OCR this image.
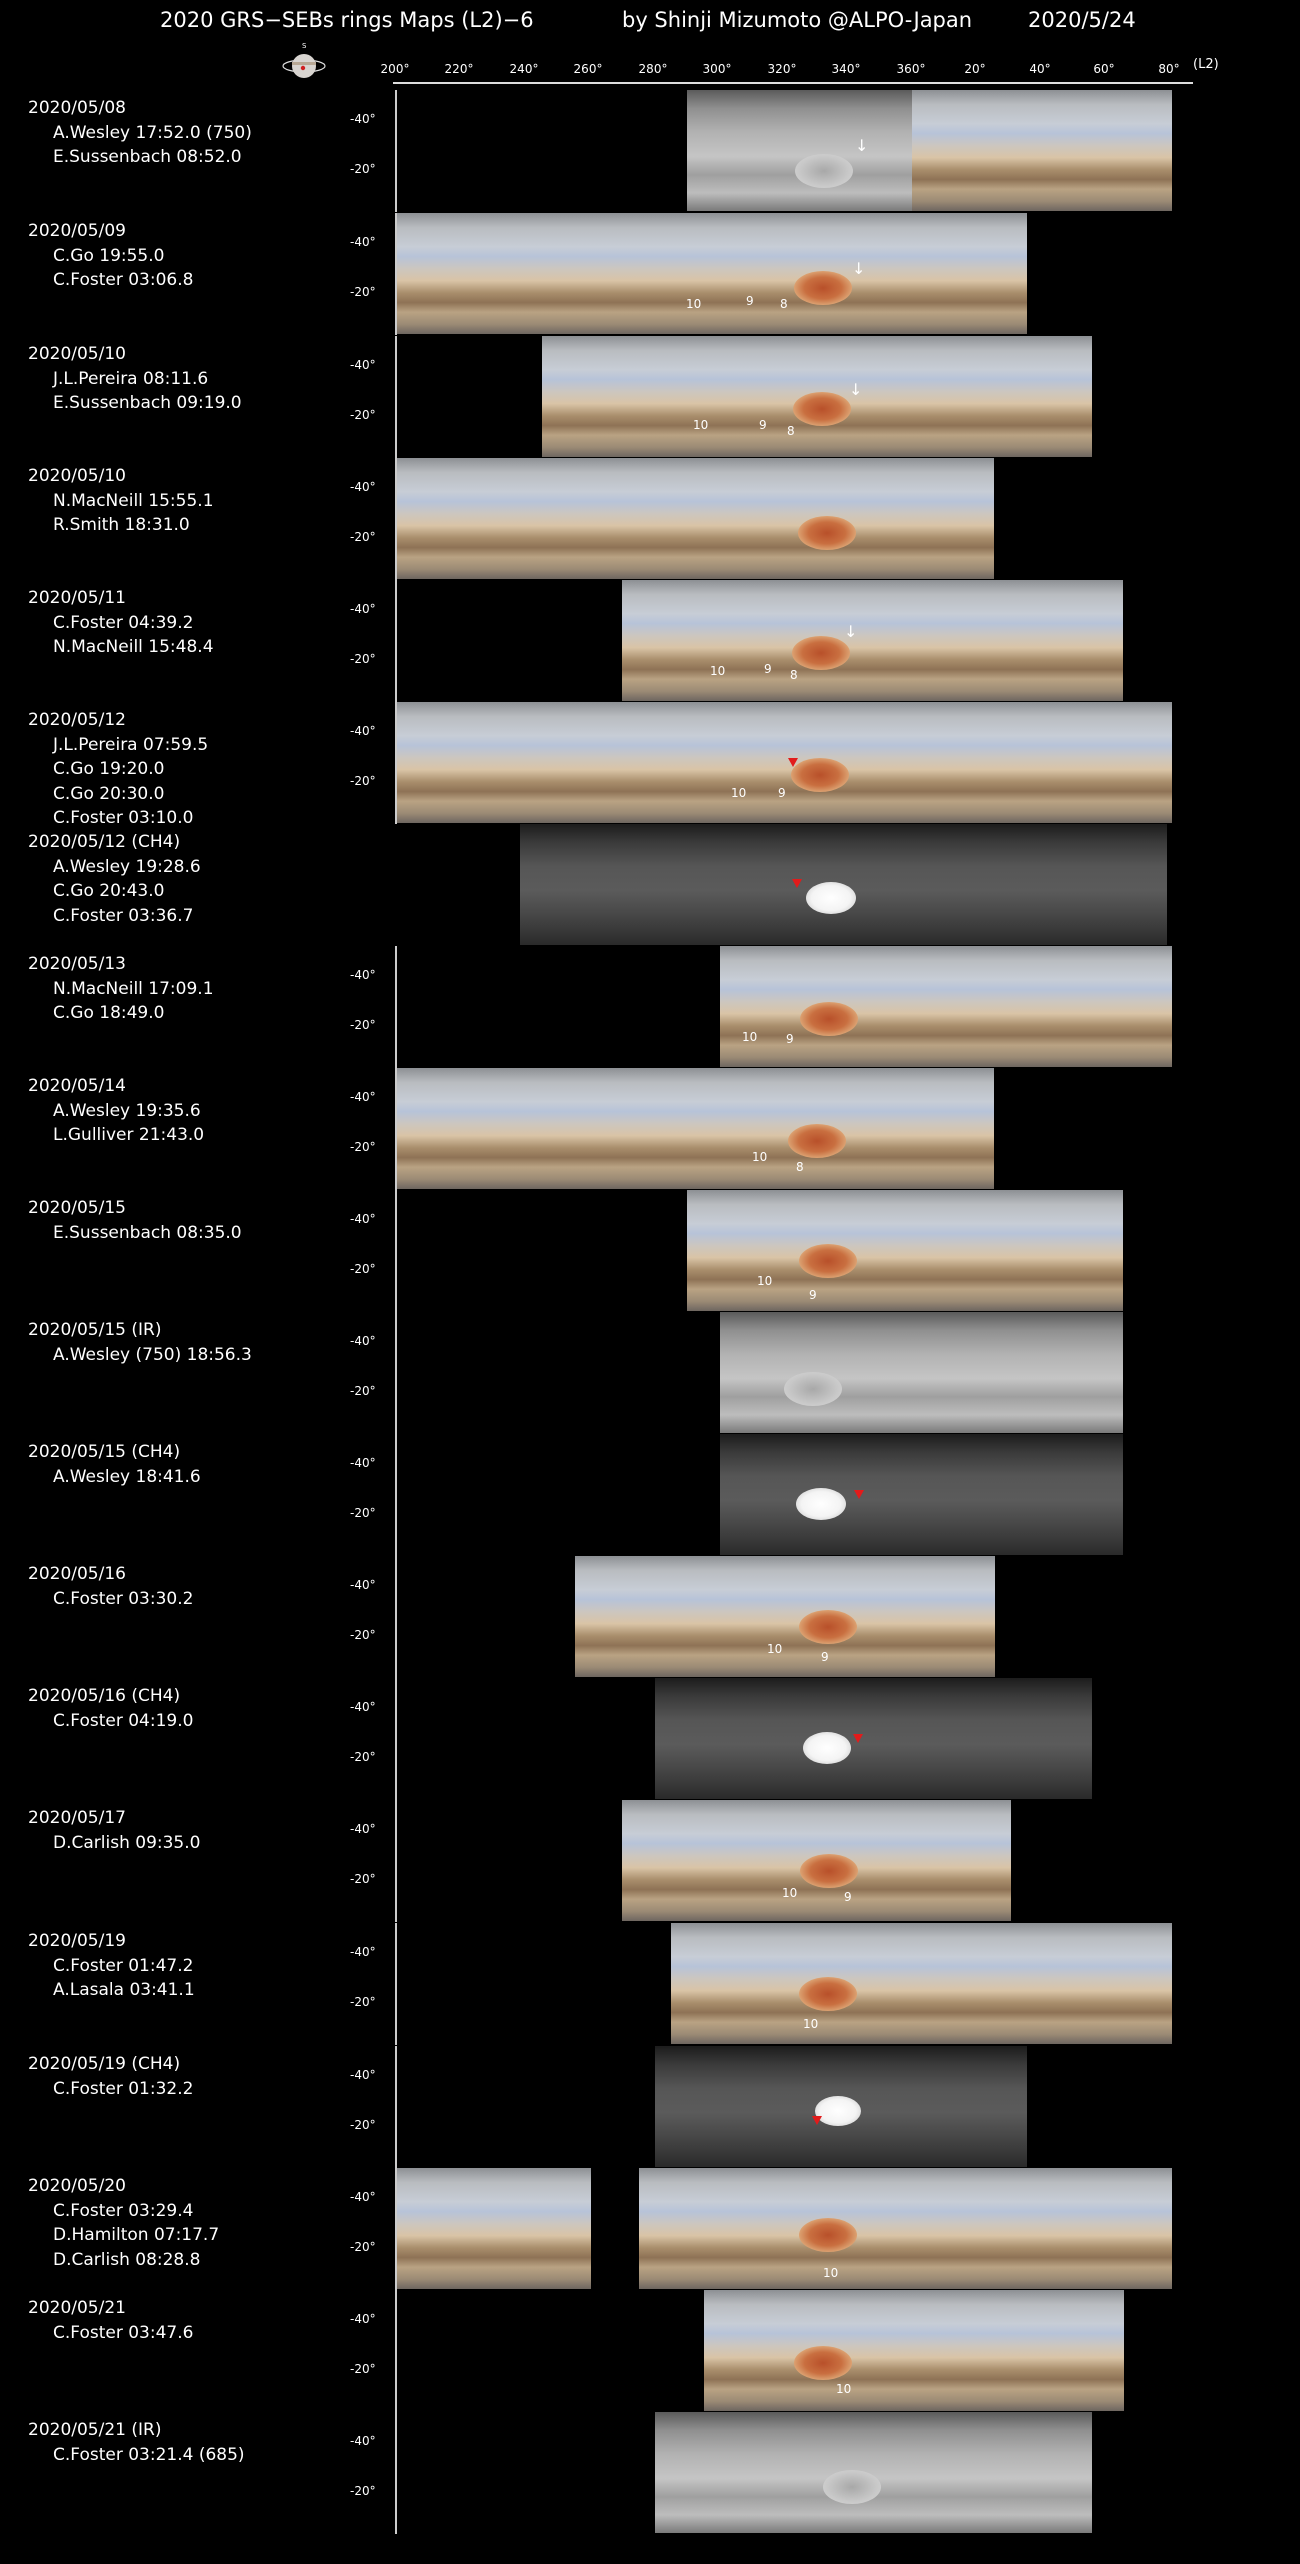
2020 GRS−SEBs rings Maps (L2)−6	by Shinji Mizumoto @ALPO-Japan	2020/5/24
S
200°	220°	240°	260°	280°	300°	320°	340°	360°	20°	40°	60°	80° (L2)
2020/05/08
A.Wesley 17:52.0 (750)
E.Sussenbach 08:52.0
-40°
-20°
↓
2020/05/09
C.Go 19:55.0
C.Foster 03:06.8
-40°
-20°
10	9 8
↓
2020/05/10
J.L.Pereira 08:11.6
E.Sussenbach 09:19.0
-40°
-20°
10	9 8
↓
2020/05/10
N.MacNeill 15:55.1
R.Smith 18:31.0
-40°
-20°
2020/05/11
C.Foster 04:39.2
N.MacNeill 15:48.4
-40°
-20°
10	9 8
↓
2020/05/12
J.L.Pereira 07:59.5
C.Go 19:20.0
C.Go 20:30.0
C.Foster 03:10.0
-40°
-20°
10	9
2020/05/12 (CH4)
A.Wesley 19:28.6
C.Go 20:43.0
C.Foster 03:36.7
2020/05/13
N.MacNeill 17:09.1
C.Go 18:49.0
-40°
-20°
10 9
2020/05/14
A.Wesley 19:35.6
L.Gulliver 21:43.0
-40°
-20°
10
8
2020/05/15
E.Sussenbach 08:35.0
-40°
-20°
10
9
2020/05/15 (IR)
A.Wesley (750) 18:56.3
-40°
-20°
2020/05/15 (CH4)
A.Wesley 18:41.6
-40°
-20°
2020/05/16
C.Foster 03:30.2
-40°
-20°
10
9
2020/05/16 (CH4)
C.Foster 04:19.0
-40°
-20°
2020/05/17
D.Carlish 09:35.0
-40°
-20°
10	9
2020/05/19
C.Foster 01:47.2
A.Lasala 03:41.1
-40°
-20°
10
2020/05/19 (CH4)
C.Foster 01:32.2
-40°
-20°
2020/05/20
C.Foster 03:29.4
D.Hamilton 07:17.7
D.Carlish 08:28.8
-40°
-20°
10
2020/05/21
C.Foster 03:47.6
-40°
-20°
10
2020/05/21 (IR)
C.Foster 03:21.4 (685)
-40°
-20°
